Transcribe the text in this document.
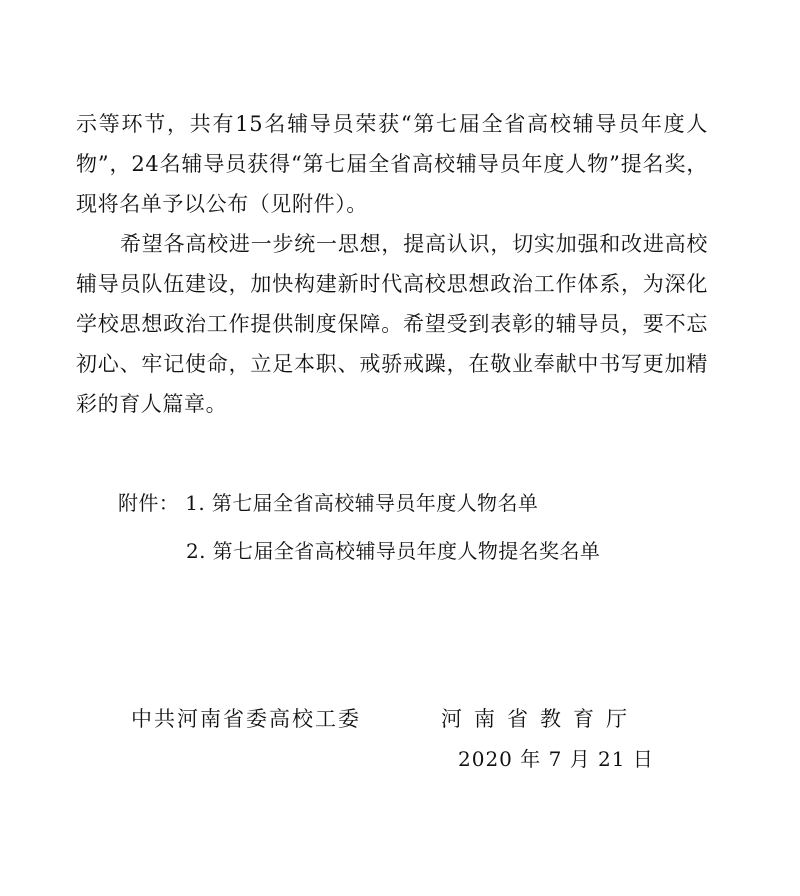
示等环节，共有15名辅导员荣获“第七届全省高校辅导员年度人物”，24名辅导员获得“第七届全省高校辅导员年度人物”提名奖，现将名单予以公布（见附件）。

希望各高校进一步统一思想，提高认识，切实加强和改进高校辅导员队伍建设，加快构建新时代高校思想政治工作体系，为深化学校思想政治工作提供制度保障。希望受到表彰的辅导员，要不忘初心、牢记使命，立足本职、戒骄戒躁，在敬业奉献中书写更加精彩的育人篇章。

附件： 1. 第七届全省高校辅导员年度人物名单
2. 第七届全省高校辅导员年度人物提名奖名单
中共河南省委高校工委	河南省教育厅
2020 年 7 月 21 日
